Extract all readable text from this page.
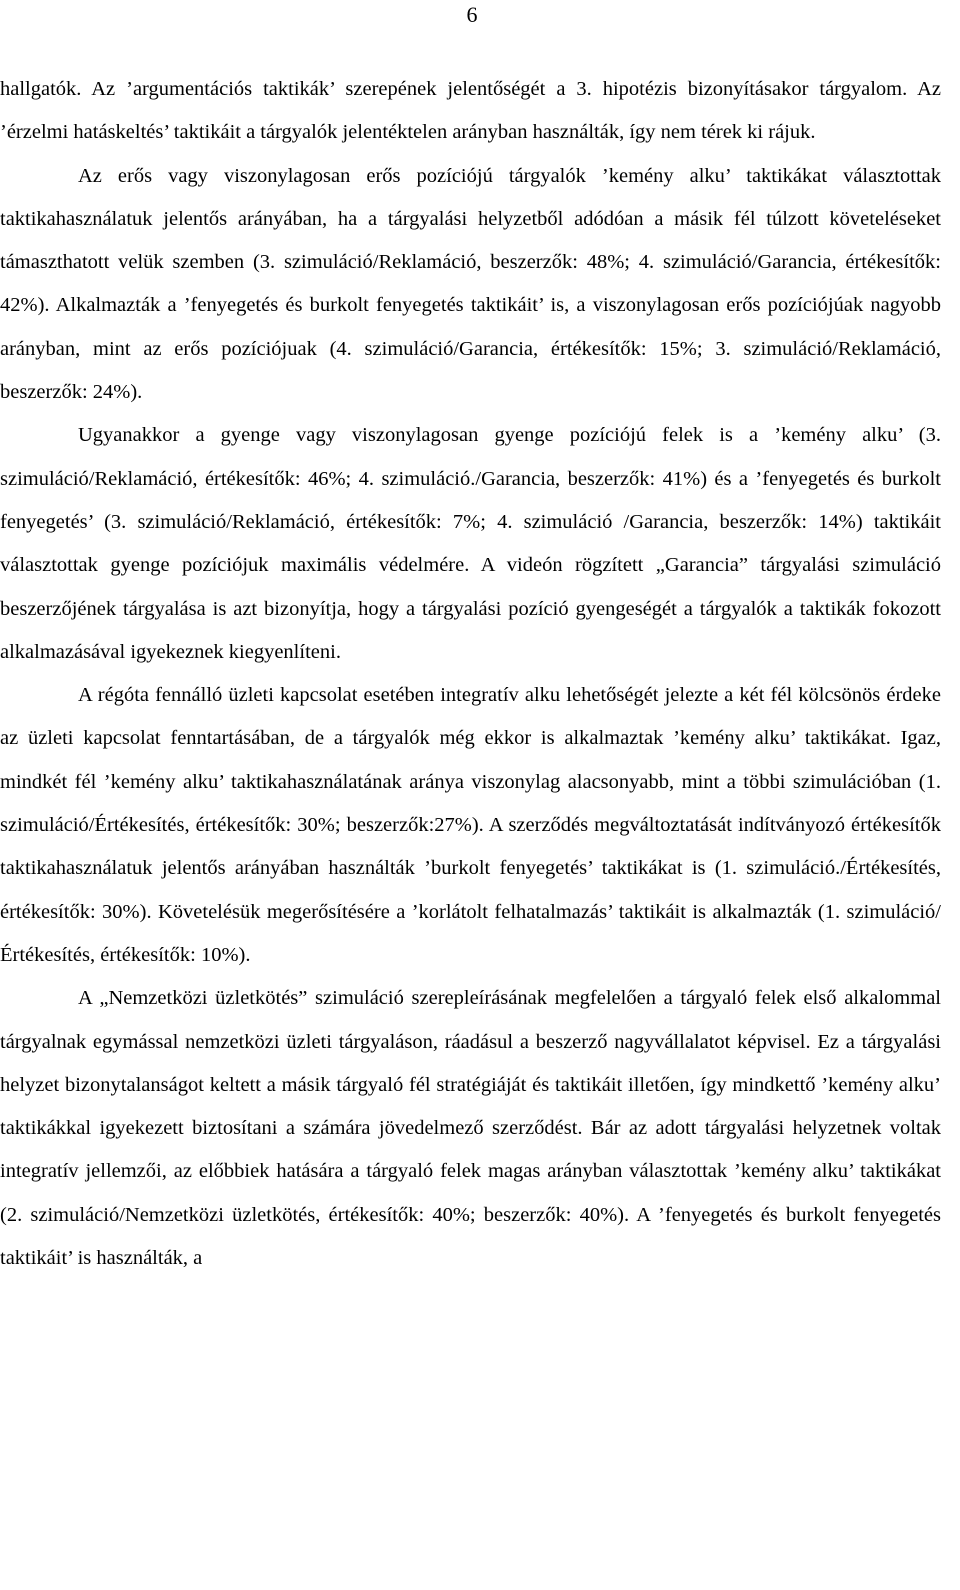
6

hallgatók. Az ’argumentációs taktikák’ szerepének jelentőségét a 3. hipotézis bizonyításakor tárgyalom. Az ’érzelmi hatáskeltés’ taktikáit a tárgyalók jelentéktelen arányban használták, így nem térek ki rájuk.

Az erős vagy viszonylagosan erős pozíciójú tárgyalók ’kemény alku’ taktikákat választottak taktikahasználatuk jelentős arányában, ha a tárgyalási helyzetből adódóan a másik fél túlzott követeléseket támaszthatott velük szemben (3. szimuláció/Reklamáció, beszerzők: 48%; 4. szimuláció/Garancia, értékesítők: 42%). Alkalmazták a ’fenyegetés és burkolt fenyegetés taktikáit’ is, a viszonylagosan erős pozíciójúak nagyobb arányban, mint az erős pozíciójuak (4. szimuláció/Garancia, értékesítők: 15%; 3. szimuláció/Reklamáció, beszerzők: 24%).

Ugyanakkor a gyenge vagy viszonylagosan gyenge pozíciójú felek is a ’kemény alku’ (3. szimuláció/Reklamáció, értékesítők: 46%; 4. szimuláció./Garancia, beszerzők: 41%) és a ’fenyegetés és burkolt fenyegetés’ (3. szimuláció/Reklamáció, értékesítők: 7%; 4. szimuláció /Garancia, beszerzők: 14%) taktikáit választottak gyenge pozíciójuk maximális védelmére. A videón rögzített „Garancia” tárgyalási szimuláció beszerzőjének tárgyalása is azt bizonyítja, hogy a tárgyalási pozíció gyengeségét a tárgyalók a taktikák fokozott alkalmazásával igyekeznek kiegyenlíteni.

A régóta fennálló üzleti kapcsolat esetében integratív alku lehetőségét jelezte a két fél kölcsönös érdeke az üzleti kapcsolat fenntartásában, de a tárgyalók még ekkor is alkalmaztak ’kemény alku’ taktikákat. Igaz, mindkét fél ’kemény alku’ taktikahasználatának aránya viszonylag alacsonyabb, mint a többi szimulációban (1. szimuláció/Értékesítés, értékesítők: 30%; beszerzők:27%). A szerződés megváltoztatását indítványozó értékesítők taktikahasználatuk jelentős arányában használták ’burkolt fenyegetés’ taktikákat is (1. szimuláció./Értékesítés, értékesítők: 30%). Követelésük megerősítésére a ’korlátolt felhatalmazás’ taktikáit is alkalmazták (1. szimuláció/ Értékesítés, értékesítők: 10%).

A „Nemzetközi üzletkötés” szimuláció szerepleírásának megfelelően a tárgyaló felek első alkalommal tárgyalnak egymással nemzetközi üzleti tárgyaláson, ráadásul a beszerző nagyvállalatot képvisel. Ez a tárgyalási helyzet bizonytalanságot keltett a másik tárgyaló fél stratégiáját és taktikáit illetően, így mindkettő ’kemény alku’ taktikákkal igyekezett biztosítani a számára jövedelmező szerződést. Bár az adott tárgyalási helyzetnek voltak integratív jellemzői, az előbbiek hatására a tárgyaló felek magas arányban választottak ’kemény alku’ taktikákat (2. szimuláció/Nemzetközi üzletkötés, értékesítők: 40%; beszerzők: 40%). A ’fenyegetés és burkolt fenyegetés taktikáit’ is használták, a
